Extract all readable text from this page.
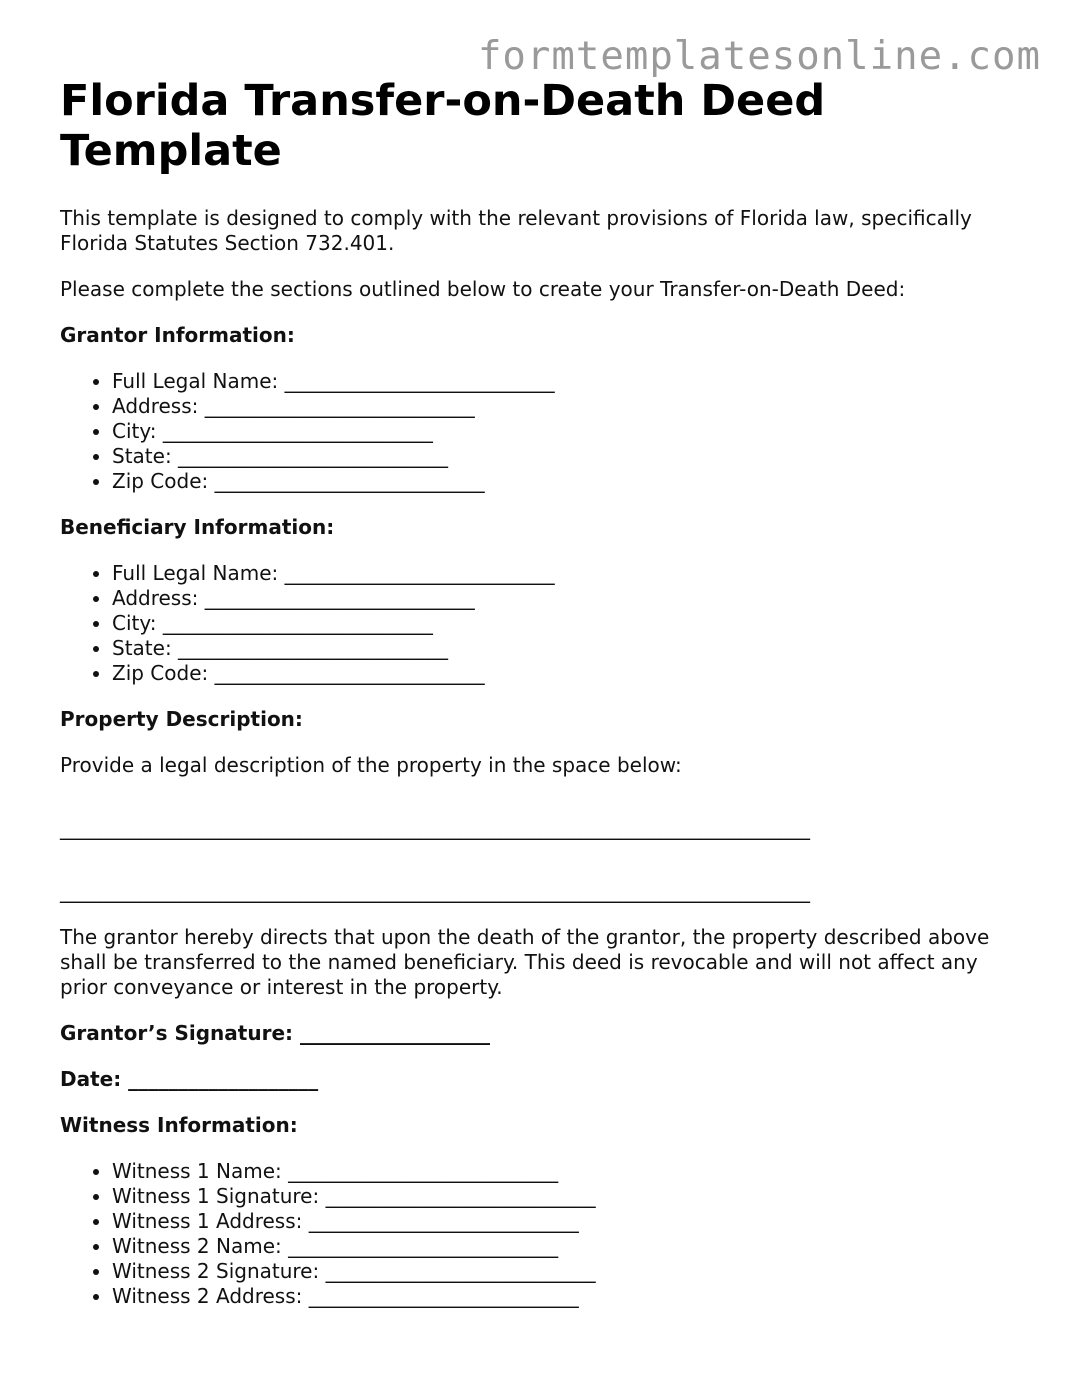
formtemplatesonline.com
Florida Transfer-on-Death Deed Template

This template is designed to comply with the relevant provisions of Florida law, specifically Florida Statutes Section 732.401.

Please complete the sections outlined below to create your Transfer-on-Death Deed:

Grantor Information:
• Full Legal Name: ___________________________
• Address: ___________________________
• City: ___________________________
• State: ___________________________
• Zip Code: ___________________________
Beneficiary Information:
• Full Legal Name: ___________________________
• Address: ___________________________
• City: ___________________________
• State: ___________________________
• Zip Code: ___________________________
Property Description:

Provide a legal description of the property in the space below:

___________________________________________________________________________
___________________________________________________________________________

The grantor hereby directs that upon the death of the grantor, the property described above shall be transferred to the named beneficiary. This deed is revocable and will not affect any prior conveyance or interest in the property.

Grantor’s Signature: ___________________
Date: ___________________
Witness Information:
• Witness 1 Name: ___________________________
• Witness 1 Signature: ___________________________
• Witness 1 Address: ___________________________
• Witness 2 Name: ___________________________
• Witness 2 Signature: ___________________________
• Witness 2 Address: ___________________________
